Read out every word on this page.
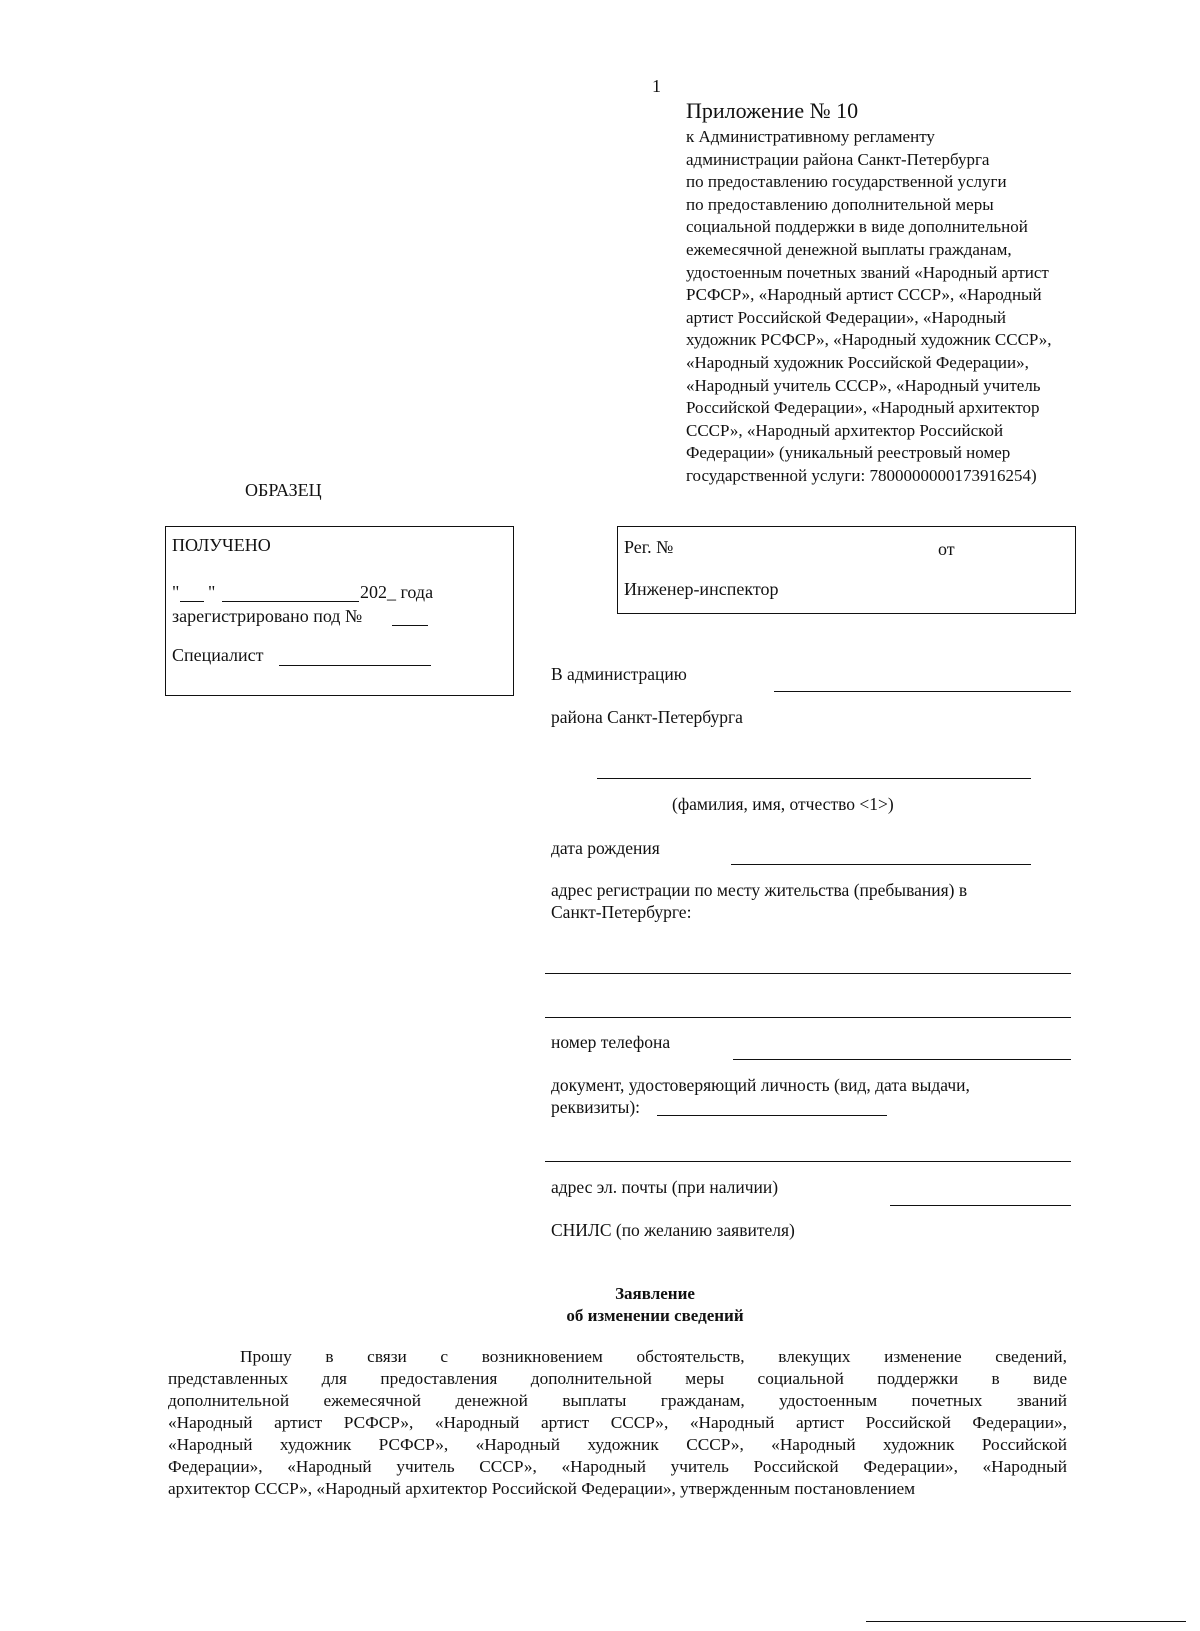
1
Приложение № 10
к Административному регламенту
администрации района Санкт-Петербурга
по предоставлению государственной услуги
по предоставлению дополнительной меры
социальной поддержки в виде дополнительной
ежемесячной денежной выплаты гражданам,
удостоенным почетных званий «Народный артист
РСФСР», «Народный артист СССР», «Народный
артист Российской Федерации», «Народный
художник РСФСР», «Народный художник СССР»,
«Народный художник Российской Федерации»,
«Народный учитель СССР», «Народный учитель
Российской Федерации», «Народный архитектор
СССР», «Народный архитектор Российской
Федерации» (уникальный реестровый номер
государственной услуги: 7800000000173916254)
ОБРАЗЕЦ
ПОЛУЧЕНО
" "	202_ года
зарегистрировано под №
Специалист
Рег. №	от
Инженер-инспектор
В администрацию
района Санкт-Петербурга
(фамилия, имя, отчество <1>)
дата рождения
адрес регистрации по месту жительства (пребывания) в
Санкт-Петербурге:
номер телефона
документ, удостоверяющий личность (вид, дата выдачи,
реквизиты):
адрес эл. почты (при наличии)
СНИЛС (по желанию заявителя)
Заявление
об изменении сведений
Прошу в связи с возникновением обстоятельств, влекущих изменение сведений,
представленных для предоставления дополнительной меры социальной поддержки в виде
дополнительной ежемесячной денежной выплаты гражданам, удостоенным почетных званий
«Народный артист РСФСР», «Народный артист СССР», «Народный артист Российской Федерации»,
«Народный художник РСФСР», «Народный художник СССР», «Народный художник Российской
Федерации», «Народный учитель СССР», «Народный учитель Российской Федерации», «Народный
архитектор СССР», «Народный архитектор Российской Федерации», утвержденным постановлением
